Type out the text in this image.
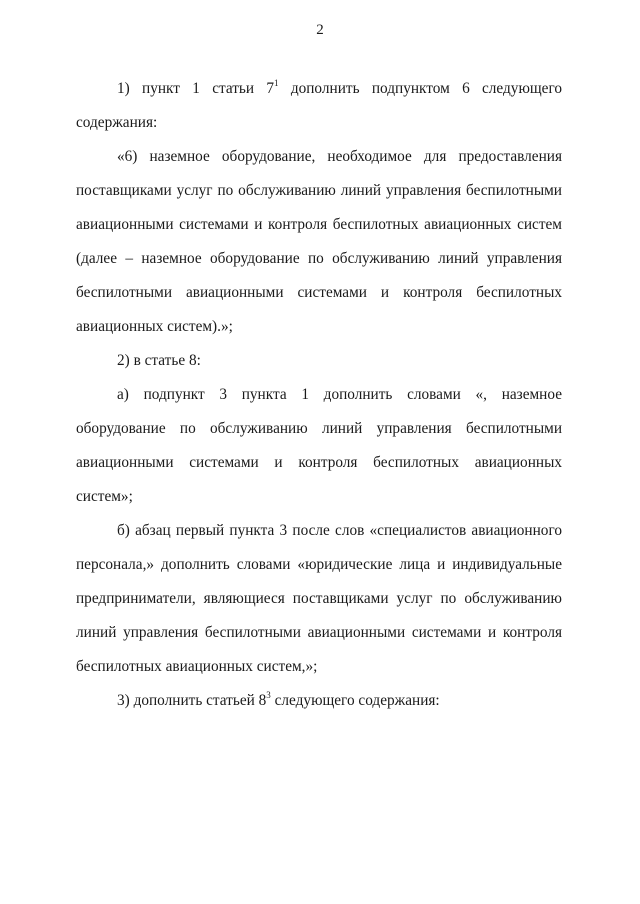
2

1) пункт 1 статьи $7^1$ дополнить подпунктом 6 следующего содержания:

«6) наземное оборудование, необходимое для предоставления поставщиками услуг по обслуживанию линий управления беспилотными авиационными системами и контроля беспилотных авиационных систем (далее – наземное оборудование по обслуживанию линий управления беспилотными авиационными системами и контроля беспилотных авиационных систем).»;

2) в статье 8:

а) подпункт 3 пункта 1 дополнить словами «, наземное оборудование по обслуживанию линий управления беспилотными авиационными системами и контроля беспилотных авиационных систем»;

б) абзац первый пункта 3 после слов «специалистов авиационного персонала,» дополнить словами «юридические лица и индивидуальные предприниматели, являющиеся поставщиками услуг по обслуживанию линий управления беспилотными авиационными системами и контроля беспилотных авиационных систем,»;

3) дополнить статьей $8^3$ следующего содержания:
